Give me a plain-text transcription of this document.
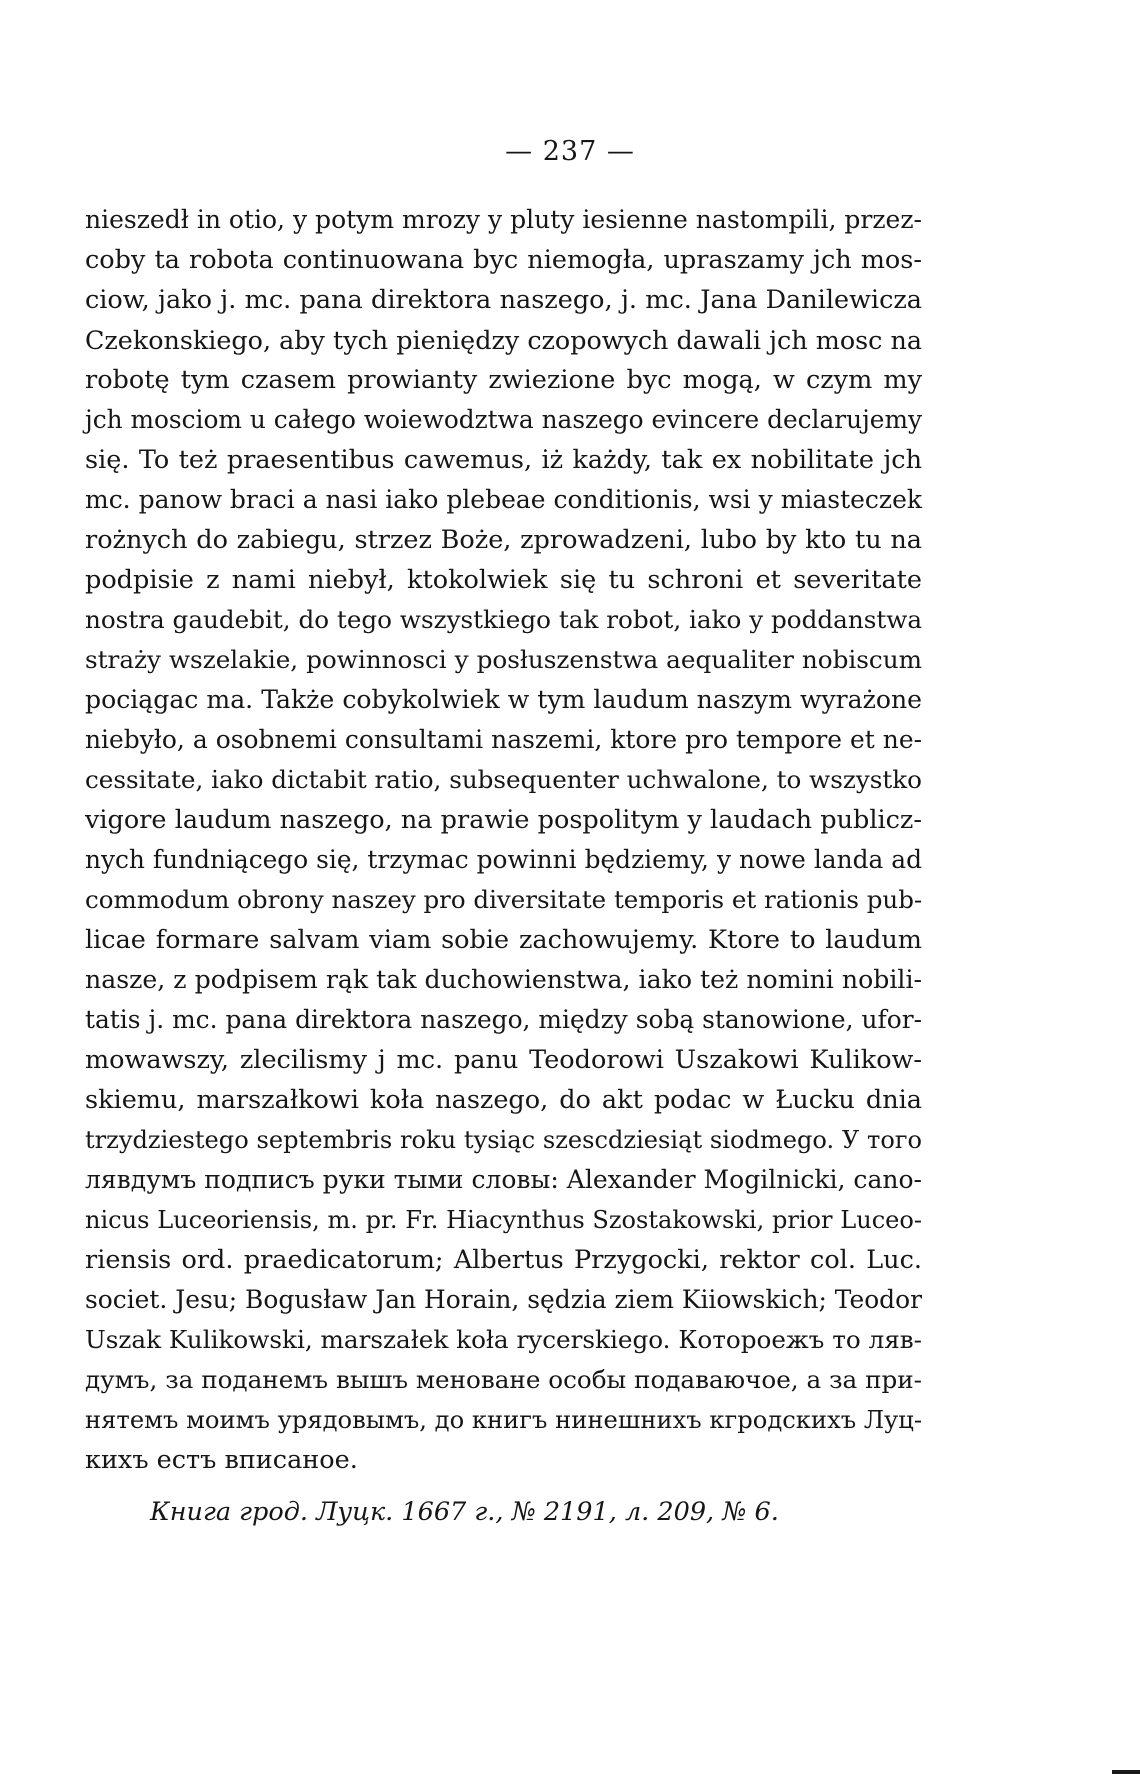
— 237 —
nieszedł in otio, y potym mrozy y pluty iesienne nastompili, przez-
coby ta robota continuowana byc niemogła, upraszamy jch mos-
ciow, jako j. mc. pana direktora naszego, j. mc. Jana Danilewicza
Czekonskiego, aby tych pieniędzy czopowych dawali jch mosc na
robotę tym czasem prowianty zwiezione byc mogą, w czym my
jch mosciom u całego woiewodztwa naszego evincere declarujemy
się. To też praesentibus cawemus, iż każdy, tak ex nobilitate jch
mc. panow braci a nasi iako plebeae conditionis, wsi y miasteczek
rożnych do zabiegu, strzez Boże, zprowadzeni, lubo by kto tu na
podpisie z nami niebył, ktokolwiek się tu schroni et severitate
nostra gaudebit, do tego wszystkiego tak robot, iako y poddanstwa
straży wszelakie, powinnosci y posłuszenstwa aequaliter nobiscum
pociągac ma. Także cobykolwiek w tym laudum naszym wyrażone
niebyło, a osobnemi consultami naszemi, ktore pro tempore et ne-
cessitate, iako dictabit ratio, subsequenter uchwalone, to wszystko
vigore laudum naszego, na prawie pospolitym y laudach publicz-
nych fundniącego się, trzymac powinni będziemy, y nowe landa ad
commodum obrony naszey pro diversitate temporis et rationis pub-
licae formare salvam viam sobie zachowujemy. Ktore to laudum
nasze, z podpisem rąk tak duchowienstwa, iako też nomini nobili-
tatis j. mc. pana direktora naszego, między sobą stanowione, ufor-
mowawszy, zlecilismy j mc. panu Teodorowi Uszakowi Kulikow-
skiemu, marszałkowi koła naszego, do akt podac w Łucku dnia
trzydziestego septembris roku tysiąc szescdziesiąt siodmego. У того
лявдумъ подписъ руки тыми словы: Alexander Mogilnicki, cano-
nicus Luceoriensis, m. pr. Fr. Hiacynthus Szostakowski, prior Luceo-
riensis ord. praedicatorum; Albertus Przygocki, rektor col. Luc.
societ. Jesu; Bogusław Jan Horain, sędzia ziem Kiiowskich; Teodor
Uszak Kulikowski, marszałek koła rycerskiego. Котороежъ то ляв-
думъ, за поданемъ вышъ меноване особы подаваючое, а за при-
нятемъ моимъ урядовымъ, до книгъ нинешнихъ кгродскихъ Луц-
кихъ естъ вписаное.
Книга грод. Луцк. 1667 г., № 2191, л. 209, № 6.
